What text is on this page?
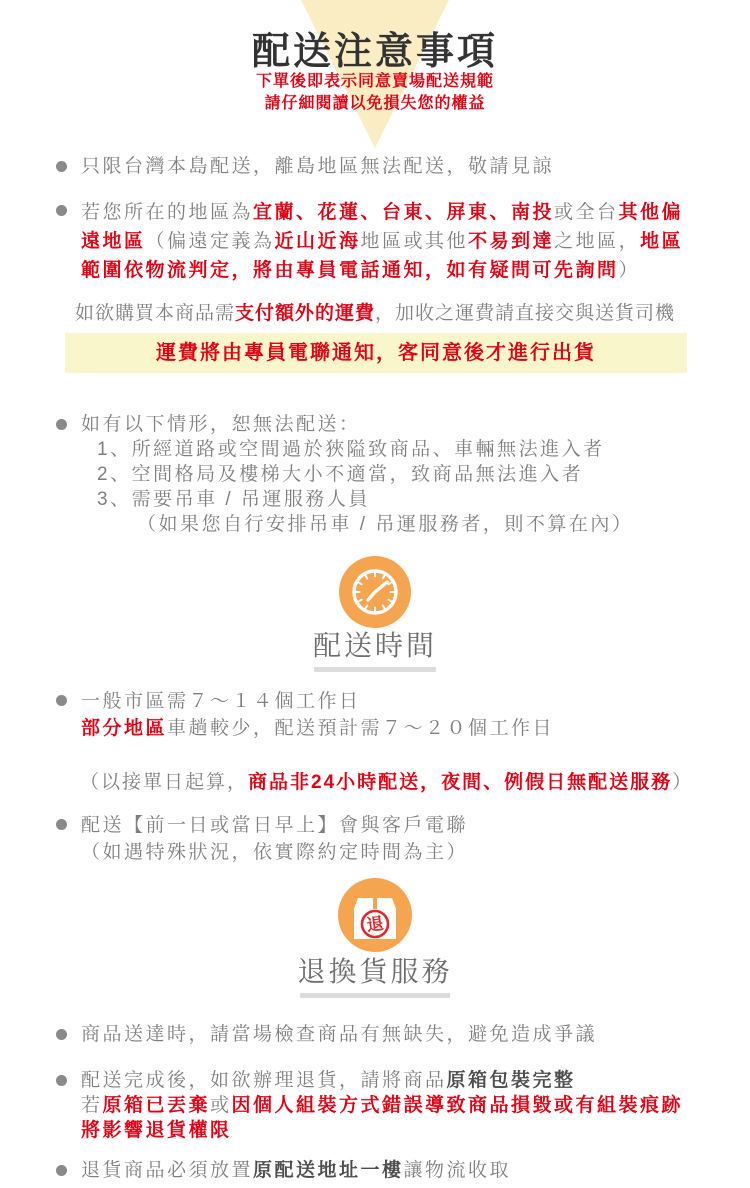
配送注意事項
下單後即表示同意賣場配送規範
請仔細閱讀以免損失您的權益
只限台灣本島配送，離島地區無法配送，敬請見諒
若您所在的地區為宜蘭、花蓮、台東、屏東、南投或全台其他偏
遠地區（偏遠定義為近山近海地區或其他不易到達之地區，地區
範圍依物流判定，將由專員電話通知，如有疑問可先詢問）
如欲購買本商品需支付額外的運費，加收之運費請直接交與送貨司機
運費將由專員電聯通知，客同意後才進行出貨
如有以下情形，恕無法配送：
1、所經道路或空間過於狹隘致商品、車輛無法進入者
2、空間格局及樓梯大小不適當，致商品無法進入者
3、需要吊車 / 吊運服務人員
（如果您自行安排吊車 / 吊運服務者，則不算在內）
配送時間
一般市區需７～１４個工作日
部分地區車趟較少，配送預計需７～２０個工作日
（以接單日起算，商品非24小時配送，夜間、例假日無配送服務）
配送【前一日或當日早上】會與客戶電聯
（如遇特殊狀況，依實際約定時間為主）
退
退換貨服務
商品送達時，請當場檢查商品有無缺失，避免造成爭議
配送完成後，如欲辦理退貨，請將商品原箱包裝完整
若原箱已丟棄或因個人組裝方式錯誤導致商品損毀或有組裝痕跡
將影響退貨權限
退貨商品必須放置原配送地址一樓讓物流收取
